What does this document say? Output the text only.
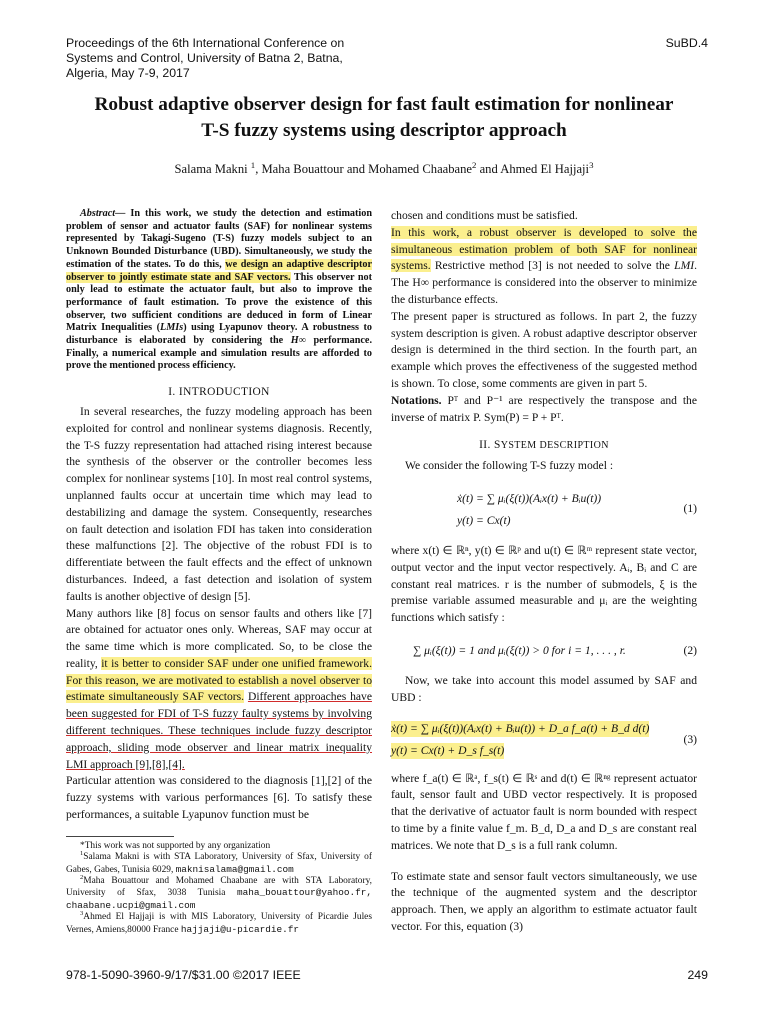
Proceedings of the 6th International Conference on
Systems and Control, University of Batna 2, Batna,
Algeria, May 7-9, 2017
SuBD.4
Robust adaptive observer design for fast fault estimation for nonlinear
T-S fuzzy systems using descriptor approach
Salama Makni $^1$, Maha Bouattour and Mohamed Chaabane$^2$ and Ahmed El Hajjaji$^3$

Abstract— In this work, we study the detection and estimation problem of sensor and actuator faults (SAF) for nonlinear systems represented by Takagi-Sugeno (T-S) fuzzy models subject to an Unknown Bounded Disturbance (UBD). Simultaneously, we study the estimation of the states. To do this, we design an adaptive descriptor observer to jointly estimate state and SAF vectors. This observer not only lead to estimate the actuator fault, but also to improve the performance of fault estimation. To prove the existence of this observer, two sufficient conditions are deduced in form of Linear Matrix Inequalities (LMIs) using Lyapunov theory. A robustness to disturbance is elaborated by considering the H∞ performance. Finally, a numerical example and simulation results are afforded to prove the mentioned process efficiency.

I. INTRODUCTION

In several researches, the fuzzy modeling approach has been exploited for control and nonlinear systems diagnosis. Recently, the T-S fuzzy representation had attached rising interest because the synthesis of the observer or the controller becomes less complex for nonlinear systems [10]. In most real control systems, unplanned faults occur at uncertain time which may lead to destabilizing and damage the system. Consequently, researches on fault detection and isolation FDI has taken into consideration these malfunctions [2]. The objective of the robust FDI is to differentiate between the fault effects and the effect of unknown disturbances. Indeed, a fast detection and isolation of system faults is another objective of design [5].

Many authors like [8] focus on sensor faults and others like [7] are obtained for actuator ones only. Whereas, SAF may occur at the same time which is more complicated. So, to be close the reality, it is better to consider SAF under one unified framework. For this reason, we are motivated to establish a novel observer to estimate simultaneously SAF vectors. Different approaches have been suggested for FDI of T-S fuzzy faulty systems by involving different techniques. These techniques include fuzzy descriptor approach, sliding mode observer and linear matrix inequality LMI approach [9],[8],[4].

Particular attention was considered to the diagnosis [1],[2] of the fuzzy systems with various performances [6]. To satisfy these performances, a suitable Lyapunov function must be

*This work was not supported by any organization

$^1$Salama Makni is with STA Laboratory, University of Sfax, University of Gabes, Gabes, Tunisia 6029, maknisalama@gmail.com

$^2$Maha Bouattour and Mohamed Chaabane are with STA Laboratory, University of Sfax, 3038 Tunisia maha_bouattour@yahoo.fr, chaabane.ucpi@gmail.com

$^3$Ahmed El Hajjaji is with MIS Laboratory, University of Picardie Jules Vernes, Amiens,80000 France hajjaji@u-picardie.fr

chosen and conditions must be satisfied.

In this work, a robust observer is developed to solve the simultaneous estimation problem of both SAF for nonlinear systems. Restrictive method [3] is not needed to solve the LMI. The H∞ performance is considered into the observer to minimize the disturbance effects.

The present paper is structured as follows. In part 2, the fuzzy system description is given. A robust adaptive descriptor observer design is determined in the third section. In the fourth part, an example which proves the effectiveness of the suggested method is shown. To close, some comments are given in part 5.

Notations. Pᵀ and P⁻¹ are respectively the transpose and the inverse of matrix P. Sym(P) = P + Pᵀ.

II. SYSTEM DESCRIPTION

We consider the following T-S fuzzy model :

ẋ(t) = ∑ μᵢ(ξ(t))(Aᵢx(t) + Bᵢu(t))
y(t) = Cx(t)
(1)

where x(t) ∈ ℝⁿ, y(t) ∈ ℝᵖ and u(t) ∈ ℝᵐ represent state vector, output vector and the input vector respectively. Aᵢ, Bᵢ and C are constant real matrices. r is the number of submodels, ξ is the premise variable assumed measurable and μᵢ are the weighting functions which satisfy :

∑ μᵢ(ξ(t)) = 1 and μᵢ(ξ(t)) > 0 for i = 1, . . . , r.	(2)

Now, we take into account this model assumed by SAF and UBD :

ẋ(t) = ∑ μᵢ(ξ(t))(Aᵢx(t) + Bᵢu(t)) + D_a f_a(t) + B_d d(t)
y(t) = Cx(t) + D_s f_s(t)
(3)

where f_a(t) ∈ ℝᵃ, f_s(t) ∈ ℝˢ and d(t) ∈ ℝⁿᵍ represent actuator fault, sensor fault and UBD vector respectively. It is proposed that the derivative of actuator fault is norm bounded with respect to time by a finite value f_m. B_d, D_a and D_s are constant real matrices. We note that D_s is a full rank column.

To estimate state and sensor fault vectors simultaneously, we use the technique of the augmented system and the descriptor approach. Then, we apply an algorithm to estimate actuator fault vector. For this, equation (3)

978-1-5090-3960-9/17/$31.00 ©2017 IEEE	249
